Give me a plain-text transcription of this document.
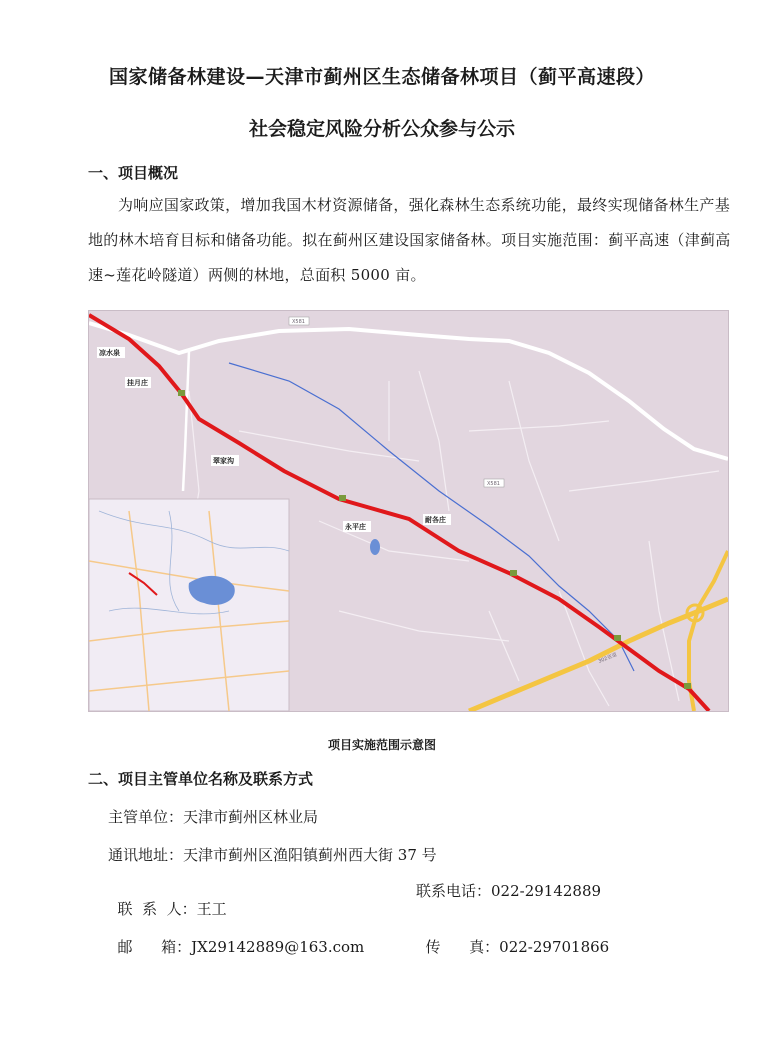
国家储备林建设—天津市蓟州区生态储备林项目（蓟平高速段）
社会稳定风险分析公众参与公示
一、项目概况
为响应国家政策，增加我国木材资源储备，强化森林生态系统功能，最终实现储备林生产基地的林木培育目标和储备功能。拟在蓟州区建设国家储备林。项目实施范围：蓟平高速（津蓟高速~莲花岭隧道）两侧的林地，总面积 5000 亩。
X581
X581
302省道
凉水泉
挂月庄
翠家沟
永平庄
耐各庄
项目实施范围示意图
二、项目主管单位名称及联系方式
主管单位：天津市蓟州区林业局
通讯地址：天津市蓟州区渔阳镇蓟州西大街 37 号

联  系  人：王工

联系电话：022-29142889

邮      箱：JX29142889@163.com	传      真：022-29701866
